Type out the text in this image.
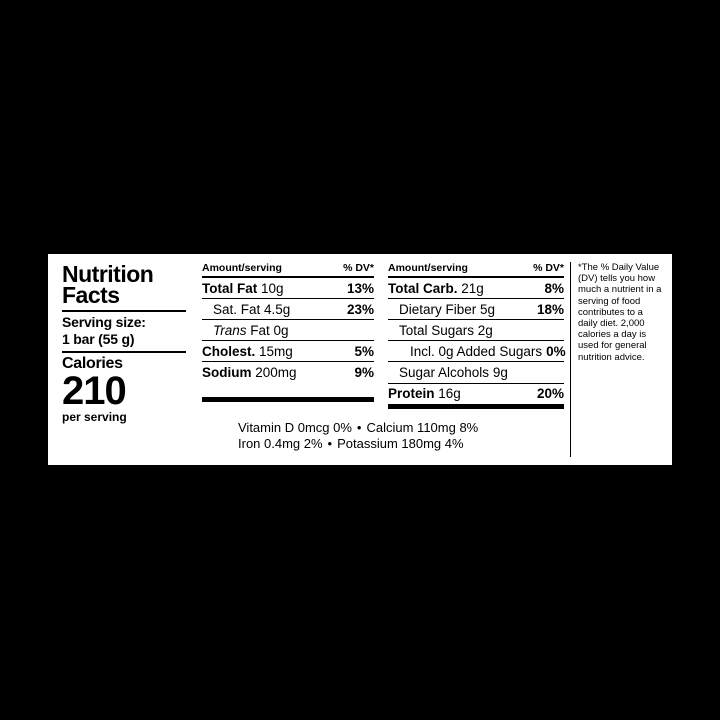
Nutrition
Facts
Serving size:
1 bar (55 g)
Calories
210
per serving
Amount/serving	% DV*
Total Fat 10g	13%
Sat. Fat 4.5g	23%
Trans Fat 0g
Cholest. 15mg	5%
Sodium 200mg	9%
Amount/serving	% DV*
Total Carb. 21g	8%
Dietary Fiber 5g	18%
Total Sugars 2g
Incl. 0g Added Sugars 0%
Sugar Alcohols 9g
Protein 16g	20%
*The % Daily Value (DV) tells you how much a nutrient in a serving of food contributes to a daily diet. 2,000 calories a day is used for general nutrition advice.
Vitamin D 0mcg 0% • Calcium 110mg 8%
Iron 0.4mg 2% • Potassium 180mg 4%
